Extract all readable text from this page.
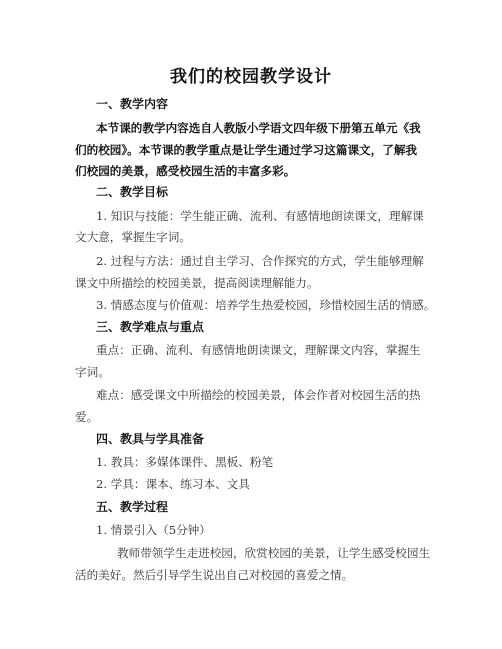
我们的校园教学设计
一、教学内容
本节课的教学内容选自人教版小学语文四年级下册第五单元《我
们的校园》。本节课的教学重点是让学生通过学习这篇课文，了解我
们校园的美景，感受校园生活的丰富多彩。
二、教学目标
1. 知识与技能：学生能正确、流利、有感情地朗读课文，理解课
文大意，掌握生字词。
2. 过程与方法：通过自主学习、合作探究的方式，学生能够理解
课文中所描绘的校园美景，提高阅读理解能力。
3. 情感态度与价值观：培养学生热爱校园，珍惜校园生活的情感。
三、教学难点与重点
重点：正确、流利、有感情地朗读课文，理解课文内容，掌握生
字词。
难点：感受课文中所描绘的校园美景，体会作者对校园生活的热
爱。
四、教具与学具准备
1. 教具：多媒体课件、黑板、粉笔
2. 学具：课本、练习本、文具
五、教学过程
1. 情景引入（5分钟）
教师带领学生走进校园，欣赏校园的美景，让学生感受校园生
活的美好。然后引导学生说出自己对校园的喜爱之情。
